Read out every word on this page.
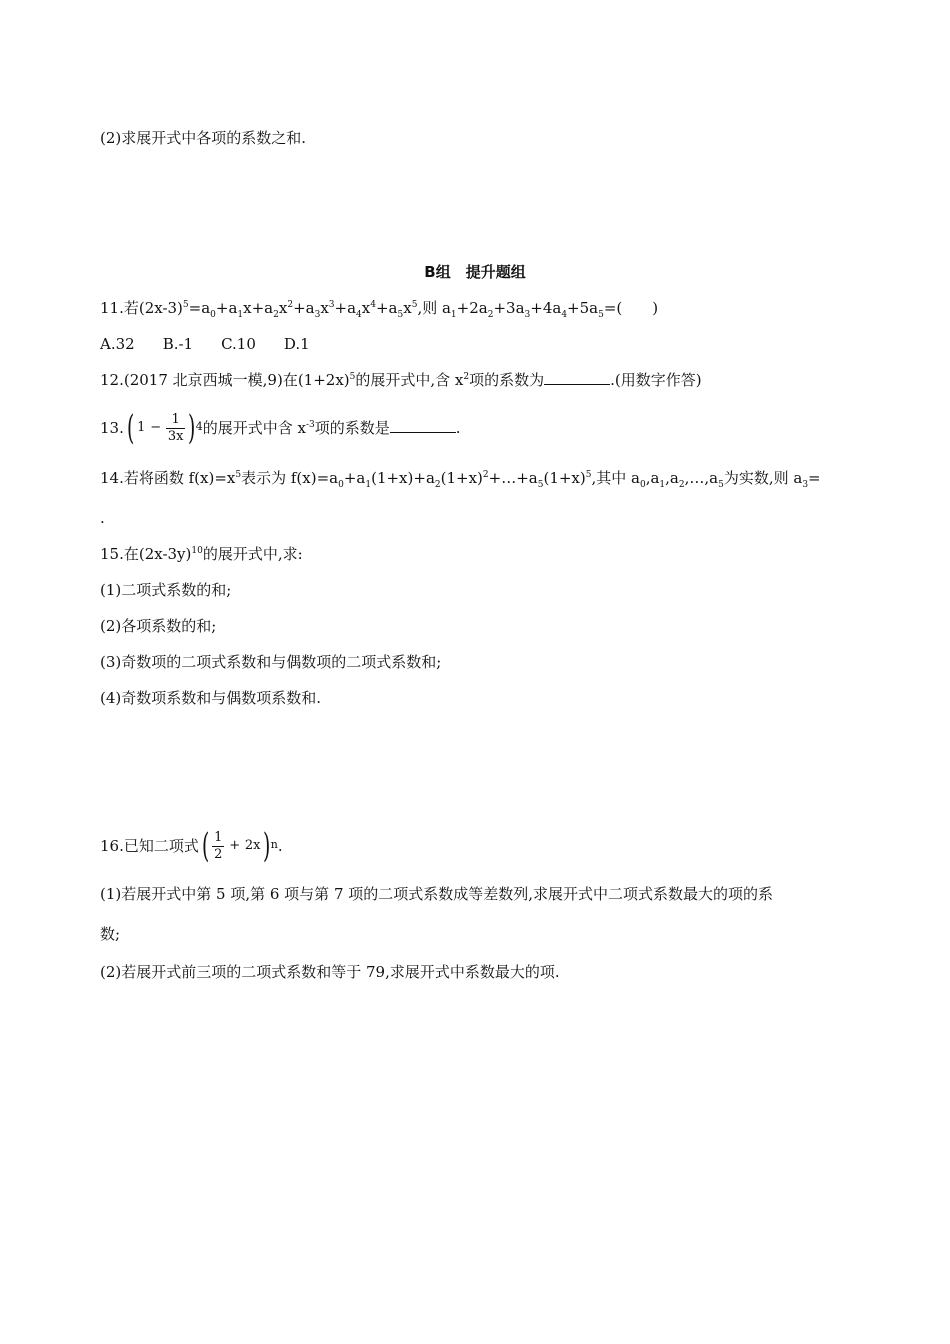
(2)求展开式中各项的系数之和.
B组　提升题组
11.若$(2x-3)^5=a_0+a_1x+a_2x^2+a_3x^3+a_4x^4+a_5x^5$,则 $a_1+2a_2+3a_3+4a_4+5a_5=$(　　)
A.32 B.-1 C.10 D.1
12.(2017 北京西城一模,9)在$(1+2x)^5$的展开式中,含 $x^2$项的系数为	.(用数字作答)
13.( $1 - \frac{1}{3x} )4$的展开式中含 $x^{-3}$项的系数是	.
14.若将函数 $f(x)=x^5$表示为 $f(x)=a_0+a_1(1+x)+a_2(1+x)^2+\dots+a_5(1+x)^5$,其中 $a_0,a_1,a_2,\dots,a_5$为实数,则 $a_3=$
.
15.在$(2x-3y)^{10}$的展开式中,求:
(1)二项式系数的和;
(2)各项系数的和;
(3)奇数项的二项式系数和与偶数项的二项式系数和;
(4)奇数项系数和与偶数项系数和.
16.已知二项式( $\frac{1}{2} + 2x)n$.
(1)若展开式中第 5 项,第 6 项与第 7 项的二项式系数成等差数列,求展开式中二项式系数最大的项的系
数;
(2)若展开式前三项的二项式系数和等于 79,求展开式中系数最大的项.
